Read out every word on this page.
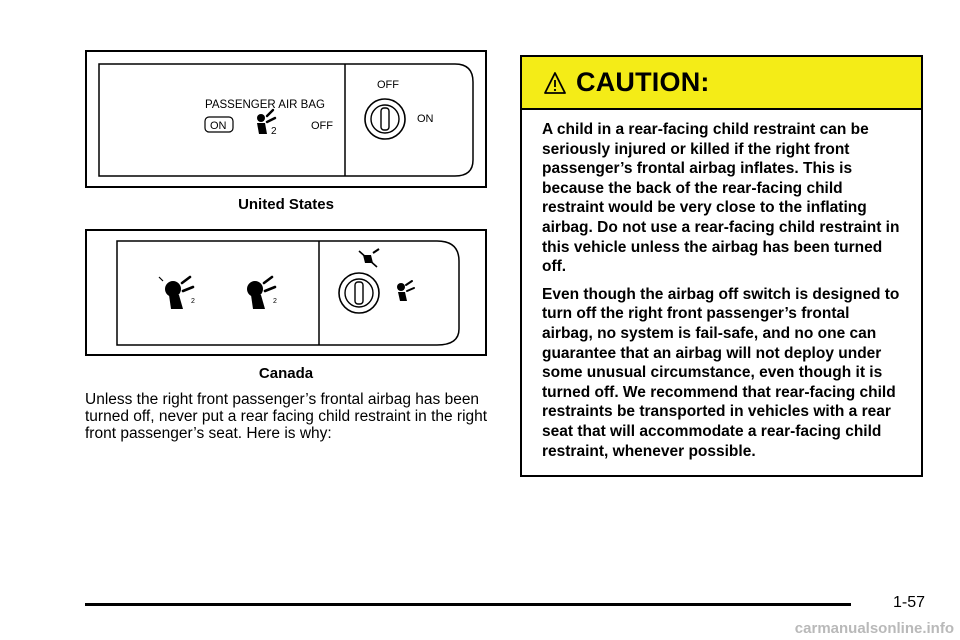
PASSENGER AIR BAG
ON	2	OFF
OFF
ON
United States
2	2
Canada

Unless the right front passenger’s frontal airbag has been turned off, never put a rear facing child restraint in the right front passenger’s seat. Here is why:

CAUTION:

A child in a rear-facing child restraint can be seriously injured or killed if the right front passenger’s frontal airbag inflates. This is because the back of the rear-facing child restraint would be very close to the inflating airbag. Do not use a rear-facing child restraint in this vehicle unless the airbag has been turned off.

Even though the airbag off switch is designed to turn off the right front passenger’s frontal airbag, no system is fail-safe, and no one can guarantee that an airbag will not deploy under some unusual circumstance, even though it is turned off. We recommend that rear-facing child restraints be transported in vehicles with a rear seat that will accommodate a rear-facing child restraint, whenever possible.

1-57
carmanualsonline.info
